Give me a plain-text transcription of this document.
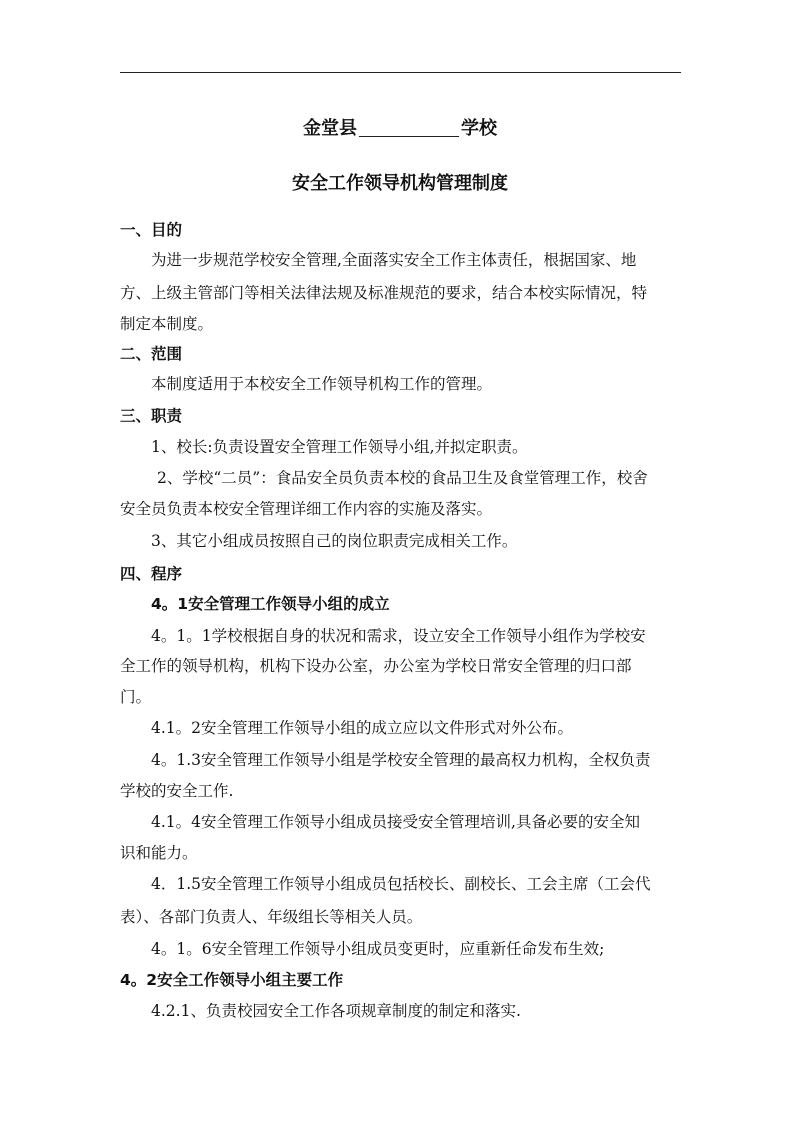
金堂县	学校
安全工作领导机构管理制度
一、目的
为进一步规范学校安全管理,全面落实安全工作主体责任，根据国家、地
方、上级主管部门等相关法律法规及标准规范的要求，结合本校实际情况，特
制定本制度。
二、范围
本制度适用于本校安全工作领导机构工作的管理。
三、职责
1、校长:负责设置安全管理工作领导小组,并拟定职责。
2、学校“二员”：食品安全员负责本校的食品卫生及食堂管理工作，校舍
安全员负责本校安全管理详细工作内容的实施及落实。
3、其它小组成员按照自己的岗位职责完成相关工作。
四、程序
4。1安全管理工作领导小组的成立
4。1。1学校根据自身的状况和需求，设立安全工作领导小组作为学校安
全工作的领导机构，机构下设办公室，办公室为学校日常安全管理的归口部
门。
4.1。2安全管理工作领导小组的成立应以文件形式对外公布。
4。1.3安全管理工作领导小组是学校安全管理的最高权力机构，全权负责
学校的安全工作.
4.1。4安全管理工作领导小组成员接受安全管理培训,具备必要的安全知
识和能力。
4．1.5安全管理工作领导小组成员包括校长、副校长、工会主席（工会代
表）、各部门负责人、年级组长等相关人员。
4。1。6安全管理工作领导小组成员变更时，应重新任命发布生效;
4。2安全工作领导小组主要工作
4.2.1、负责校园安全工作各项规章制度的制定和落实.
